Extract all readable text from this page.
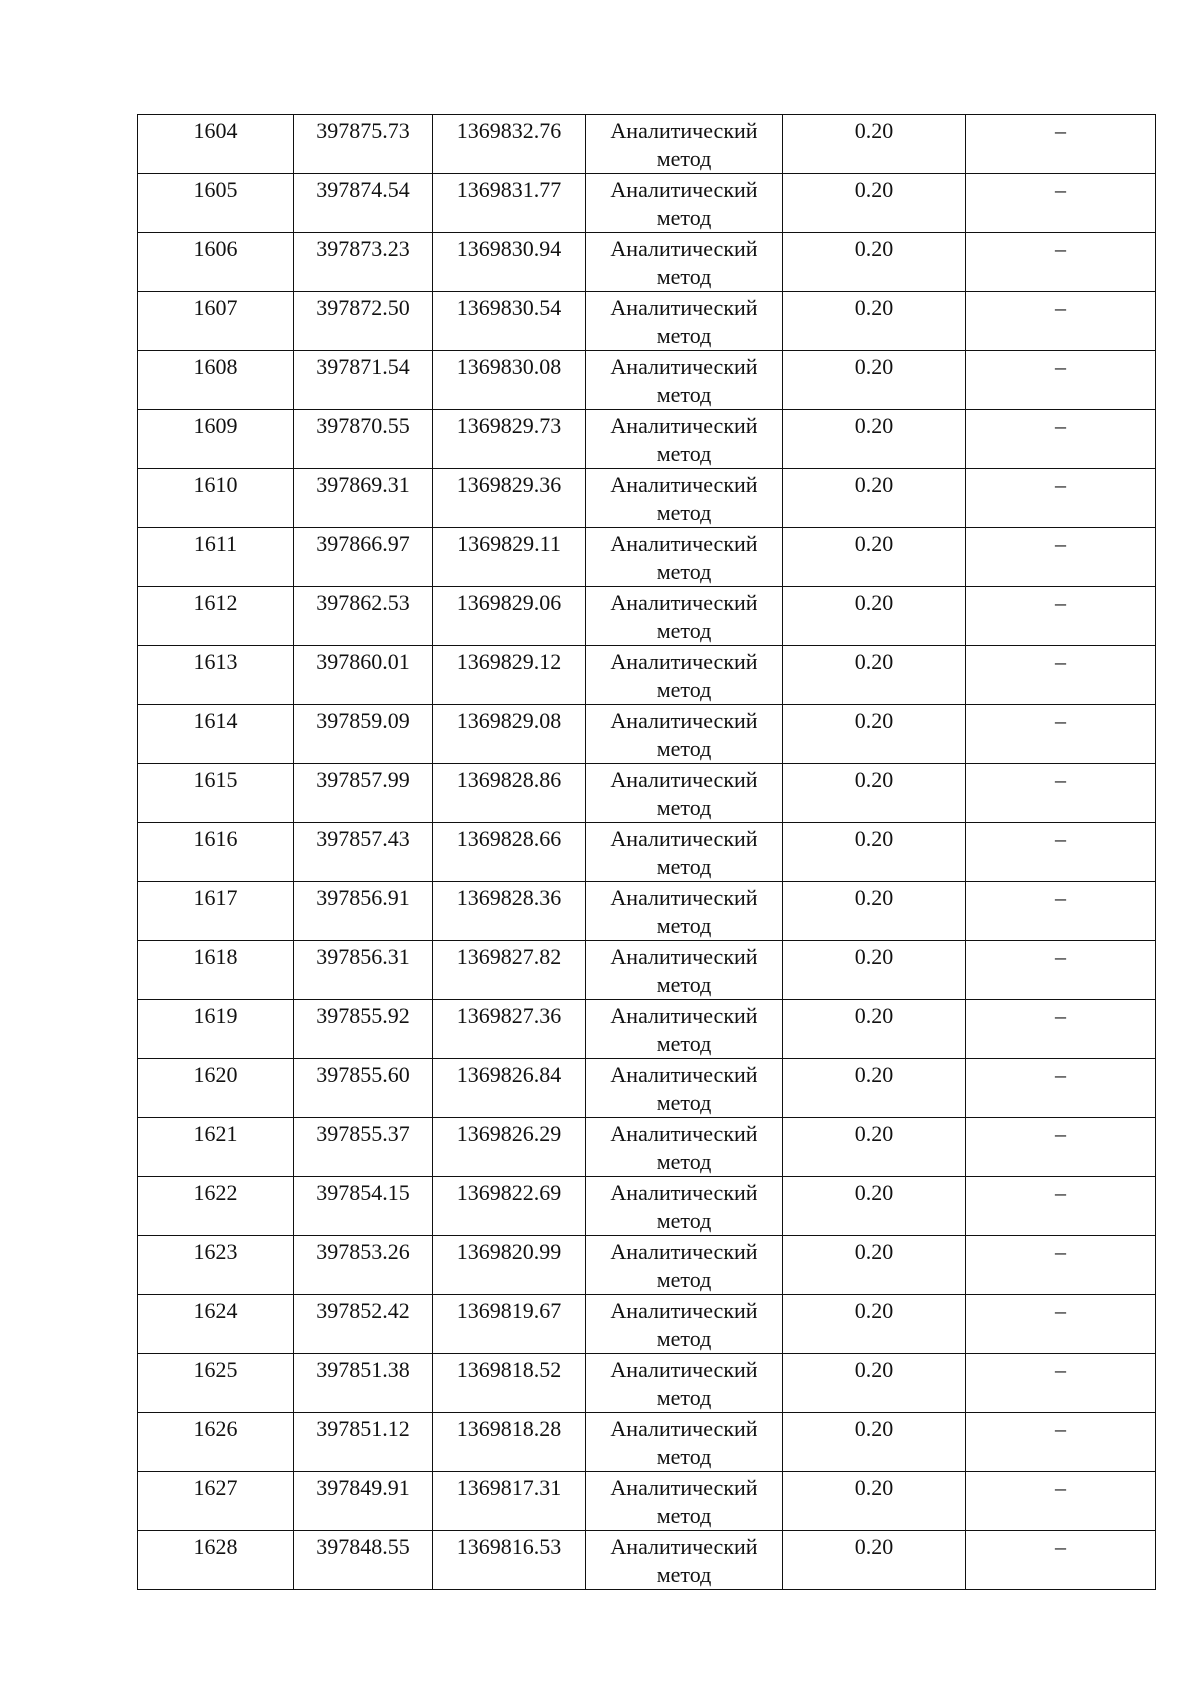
1604	397875.73	1369832.76	Аналитический
метод	0.20	–

1605	397874.54	1369831.77	Аналитический
метод	0.20	–

1606	397873.23	1369830.94	Аналитический
метод	0.20	–

1607	397872.50	1369830.54	Аналитический
метод	0.20	–

1608	397871.54	1369830.08	Аналитический
метод	0.20	–

1609	397870.55	1369829.73	Аналитический
метод	0.20	–

1610	397869.31	1369829.36	Аналитический
метод	0.20	–

1611	397866.97	1369829.11	Аналитический
метод	0.20	–

1612	397862.53	1369829.06	Аналитический
метод	0.20	–

1613	397860.01	1369829.12	Аналитический
метод	0.20	–

1614	397859.09	1369829.08	Аналитический
метод	0.20	–

1615	397857.99	1369828.86	Аналитический
метод	0.20	–

1616	397857.43	1369828.66	Аналитический
метод	0.20	–

1617	397856.91	1369828.36	Аналитический
метод	0.20	–

1618	397856.31	1369827.82	Аналитический
метод	0.20	–

1619	397855.92	1369827.36	Аналитический
метод	0.20	–

1620	397855.60	1369826.84	Аналитический
метод	0.20	–

1621	397855.37	1369826.29	Аналитический
метод	0.20	–

1622	397854.15	1369822.69	Аналитический
метод	0.20	–

1623	397853.26	1369820.99	Аналитический
метод	0.20	–

1624	397852.42	1369819.67	Аналитический
метод	0.20	–

1625	397851.38	1369818.52	Аналитический
метод	0.20	–

1626	397851.12	1369818.28	Аналитический
метод	0.20	–

1627	397849.91	1369817.31	Аналитический
метод	0.20	–

1628	397848.55	1369816.53	Аналитический
метод	0.20	–
